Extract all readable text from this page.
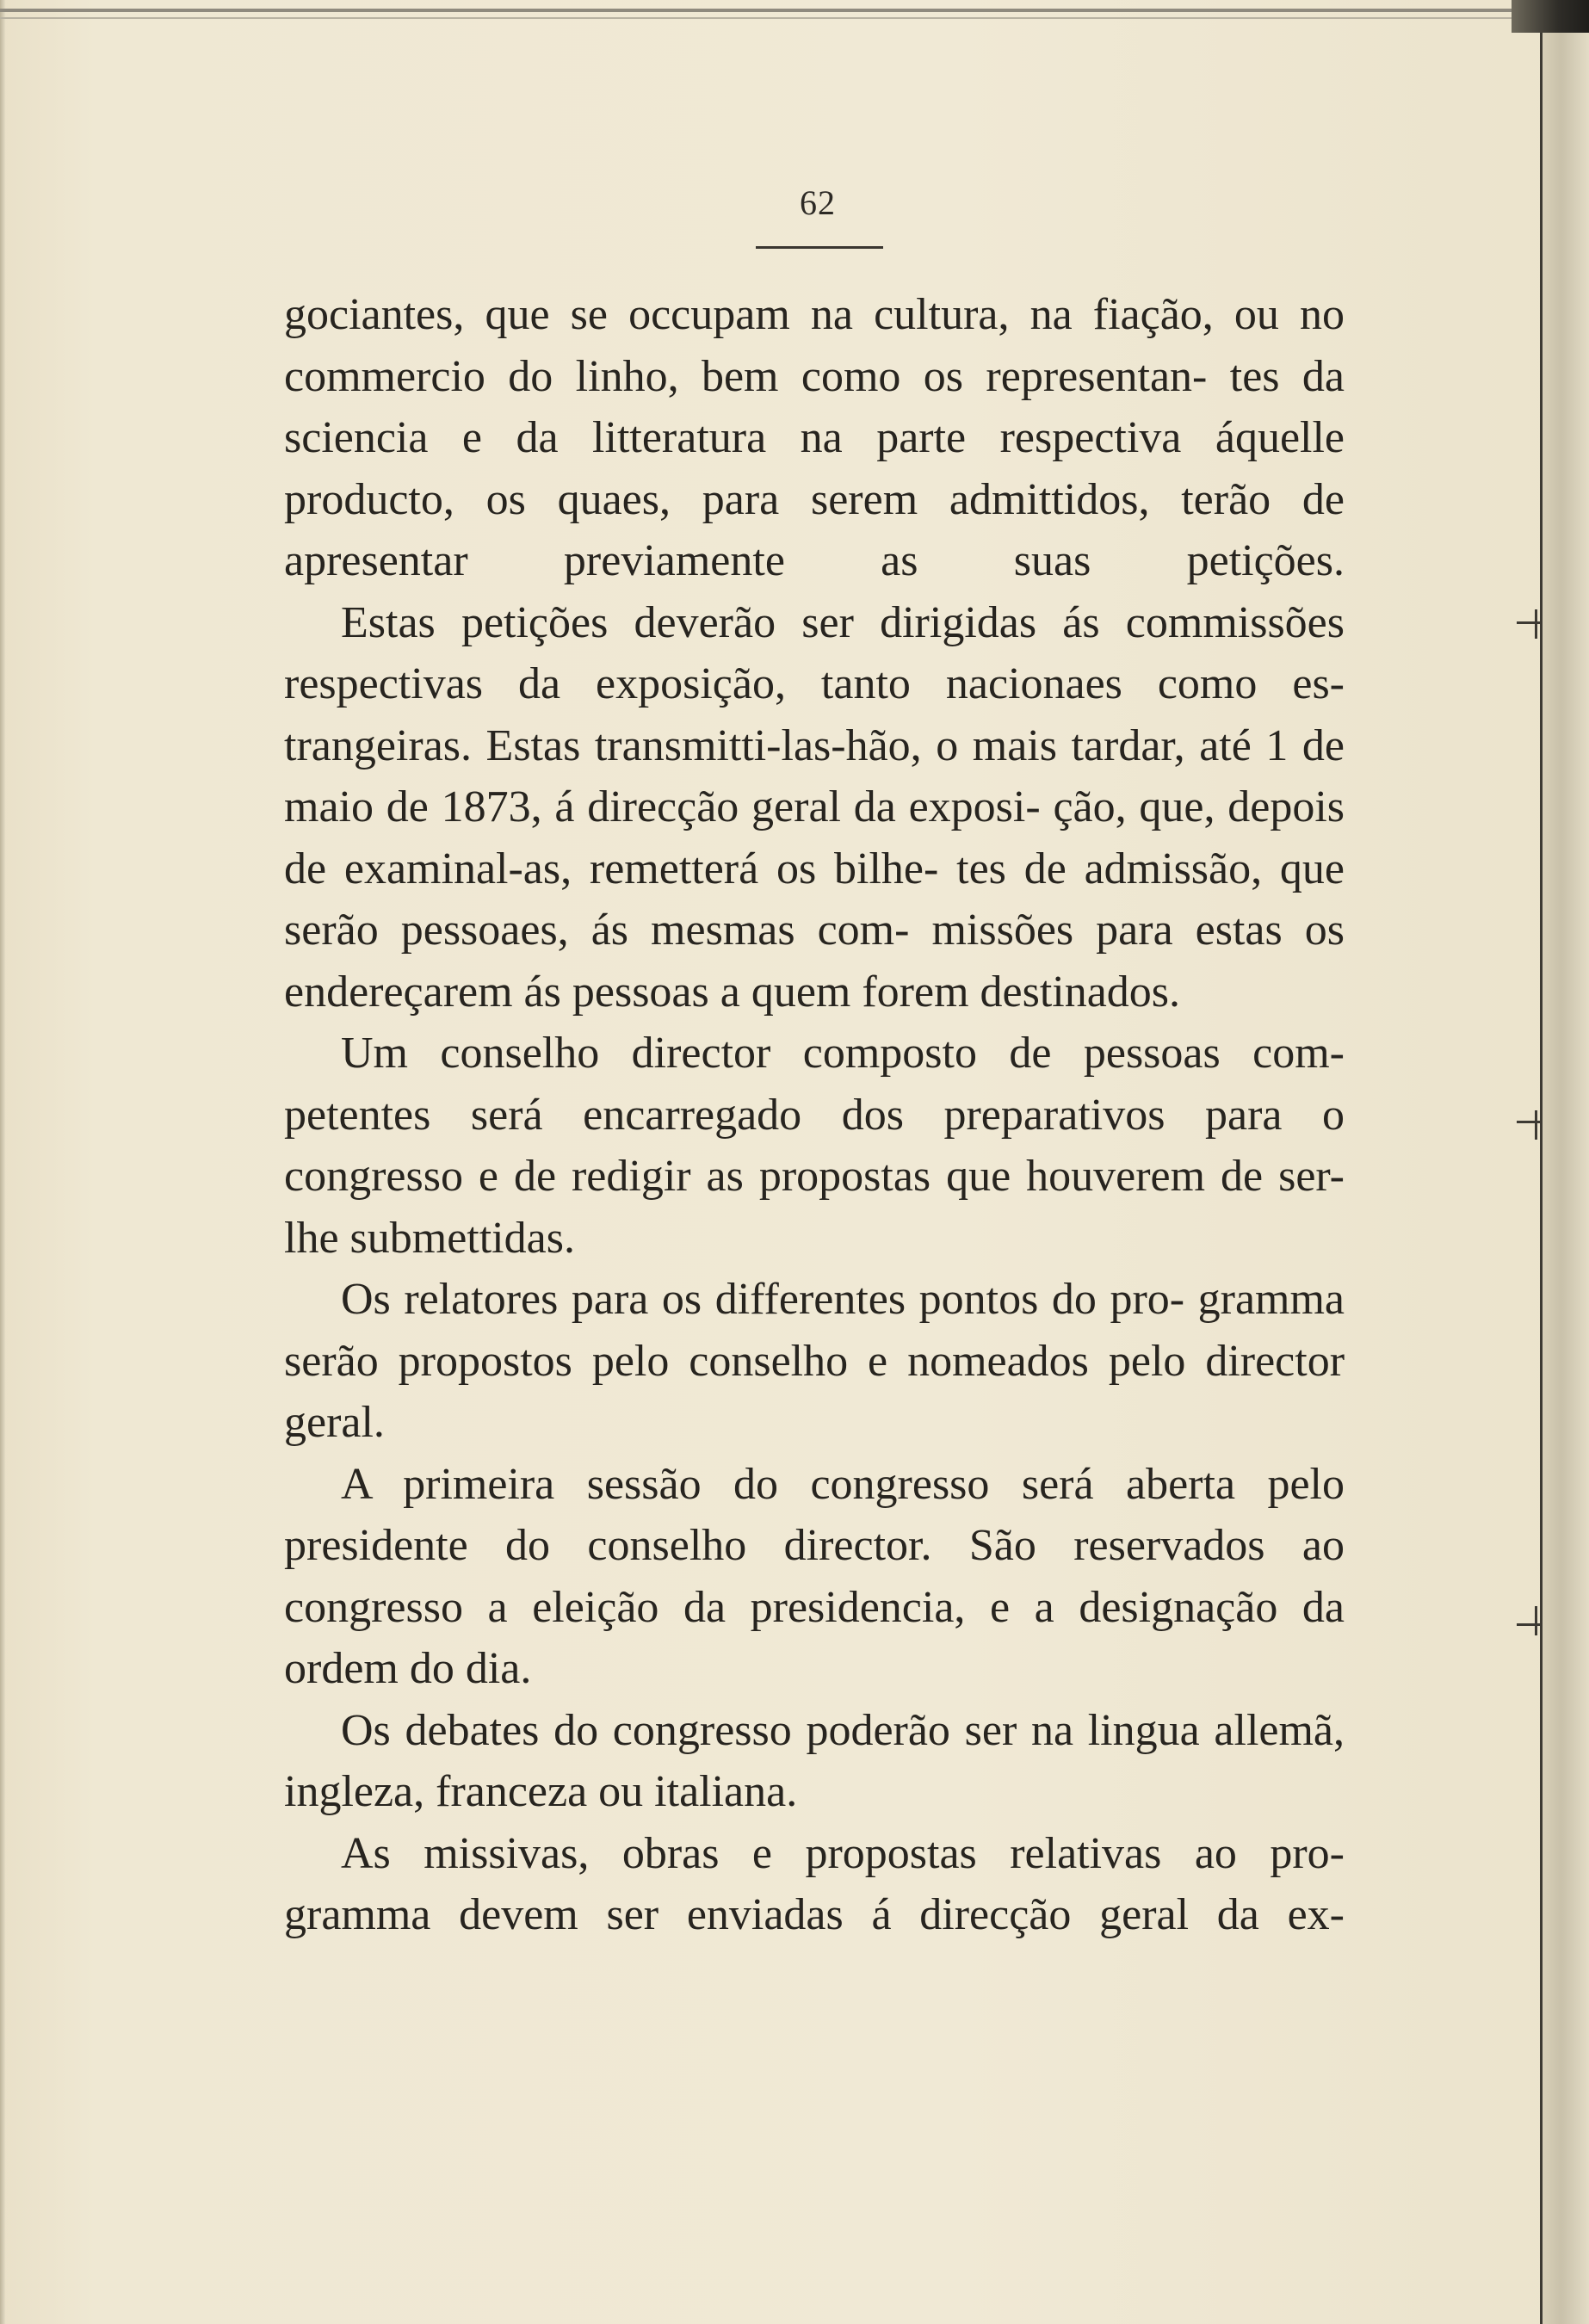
62

gociantes, que se occupam na cultura, na fiação, ou no commercio do linho, bem como os representan- tes da sciencia e da litteratura na parte respectiva áquelle producto, os quaes, para serem admittidos, terão de apresentar previamente as suas petições.

Estas petições deverão ser dirigidas ás commissões respectivas da exposição, tanto nacionaes como es- trangeiras. Estas transmitti-las-hão, o mais tardar, até 1 de maio de 1873, á direcção geral da exposi- ção, que, depois de examinal-as, remetterá os bilhe- tes de admissão, que serão pessoaes, ás mesmas com- missões para estas os endereçarem ás pessoas a quem forem destinados.

Um conselho director composto de pessoas com- petentes será encarregado dos preparativos para o congresso e de redigir as propostas que houverem de ser-lhe submettidas.

Os relatores para os differentes pontos do pro- gramma serão propostos pelo conselho e nomeados pelo director geral.

A primeira sessão do congresso será aberta pelo presidente do conselho director. São reservados ao congresso a eleição da presidencia, e a designação da ordem do dia.

Os debates do congresso poderão ser na lingua allemã, ingleza, franceza ou italiana.

As missivas, obras e propostas relativas ao pro- gramma devem ser enviadas á direcção geral da ex-
